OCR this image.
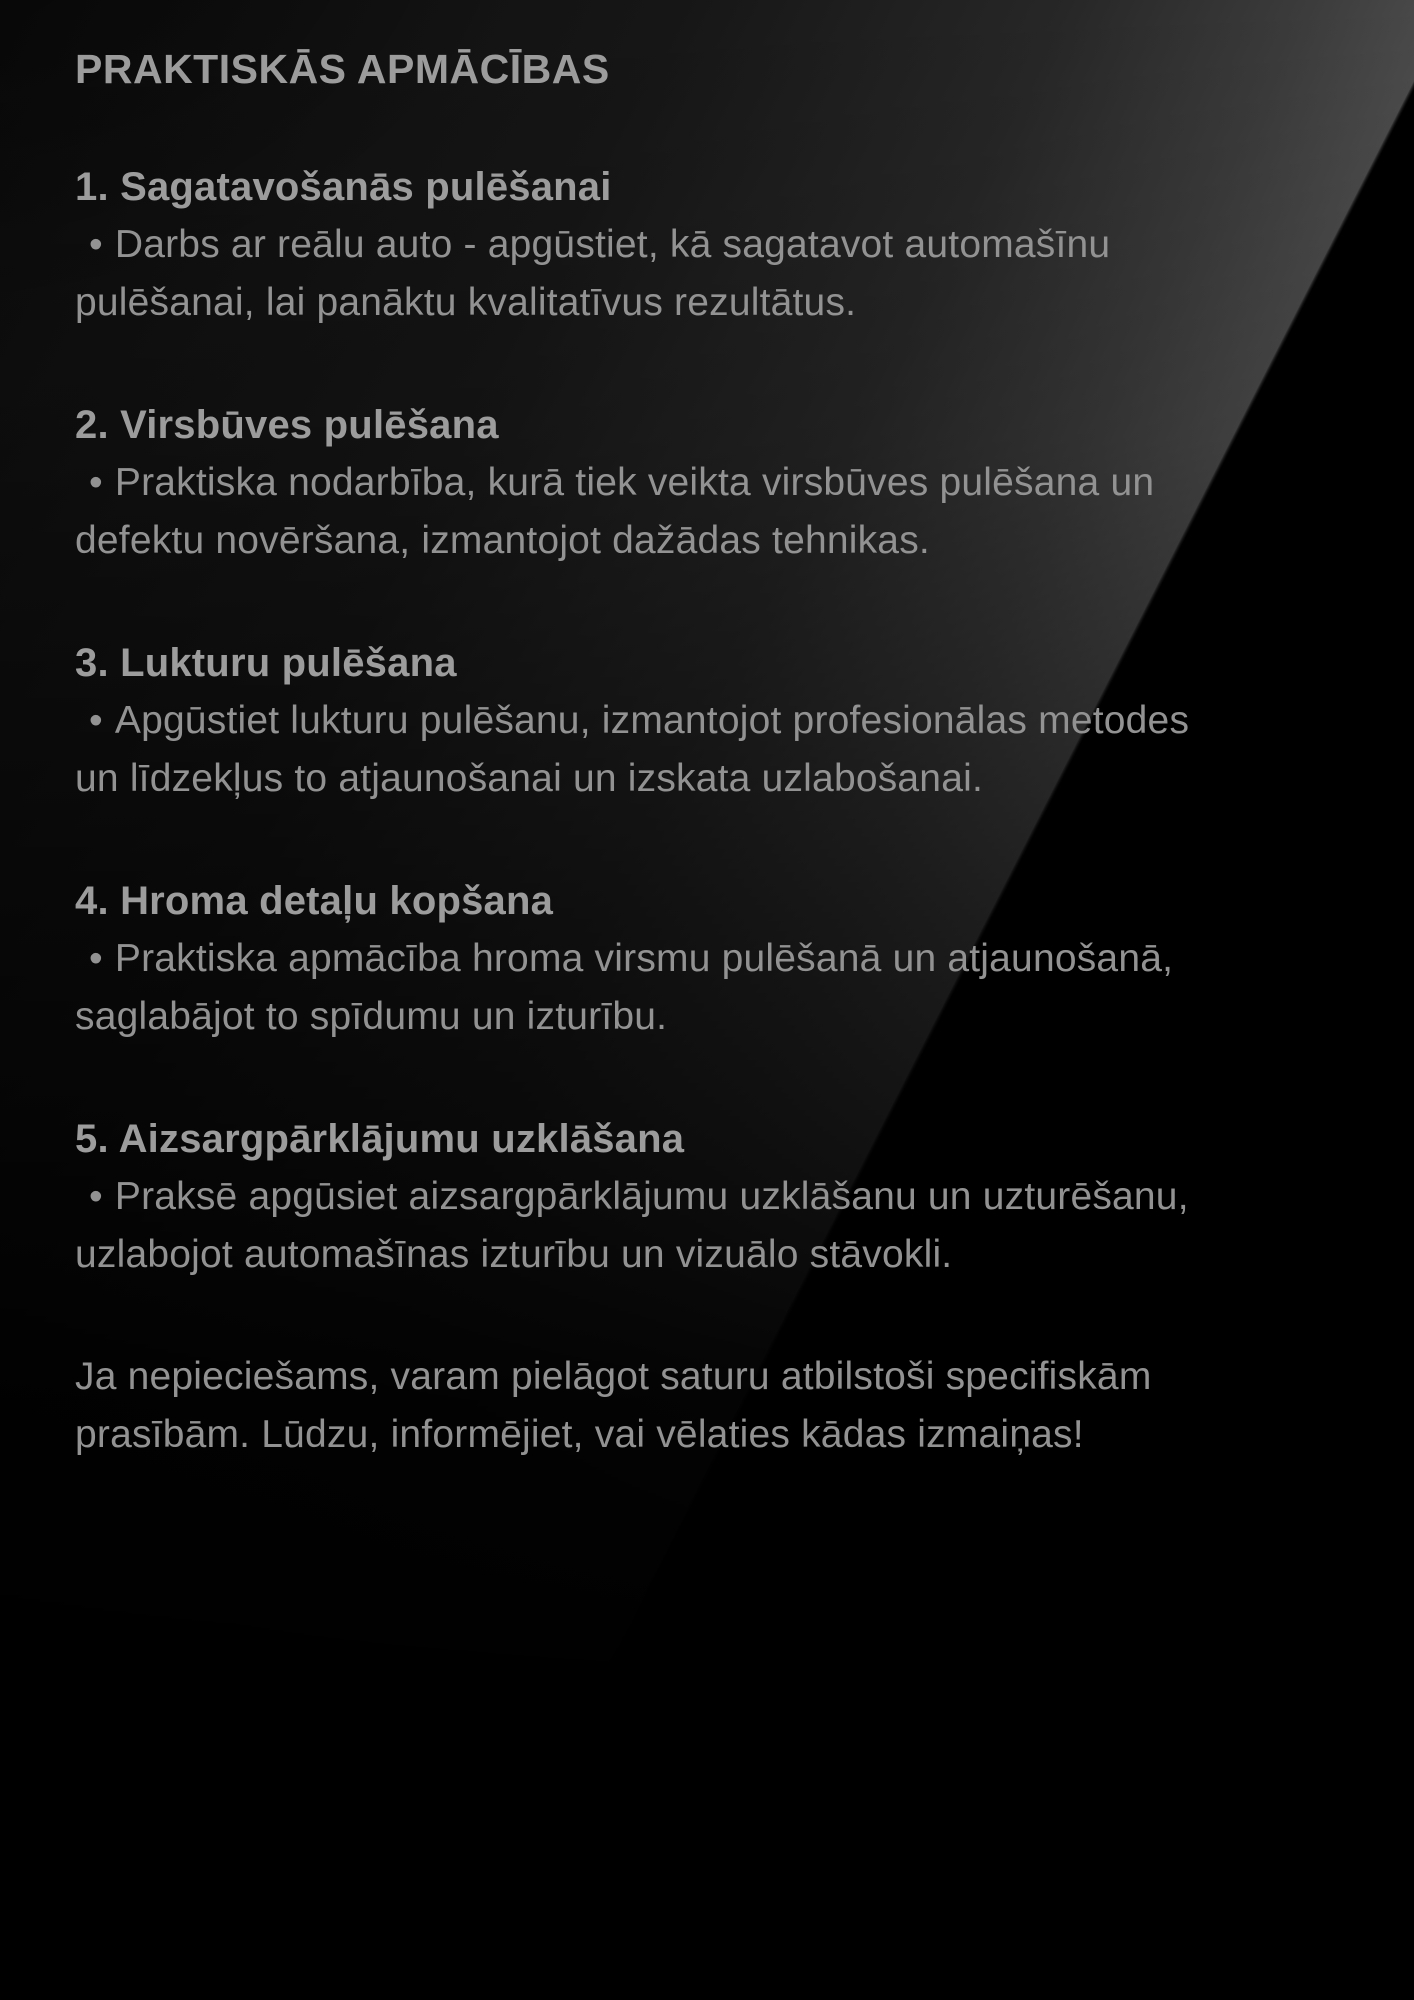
PRAKTISKĀS APMĀCĪBAS
1. Sagatavošanās pulēšanai
• Darbs ar reālu auto - apgūstiet, kā sagatavot automašīnu
pulēšanai, lai panāktu kvalitatīvus rezultātus.
2. Virsbūves pulēšana
• Praktiska nodarbība, kurā tiek veikta virsbūves pulēšana un
defektu novēršana, izmantojot dažādas tehnikas.
3. Lukturu pulēšana
• Apgūstiet lukturu pulēšanu, izmantojot profesionālas metodes
un līdzekļus to atjaunošanai un izskata uzlabošanai.
4. Hroma detaļu kopšana
• Praktiska apmācība hroma virsmu pulēšanā un atjaunošanā,
saglabājot to spīdumu un izturību.
5. Aizsargpārklājumu uzklāšana
• Praksē apgūsiet aizsargpārklājumu uzklāšanu un uzturēšanu,
uzlabojot automašīnas izturību un vizuālo stāvokli.
Ja nepieciešams, varam pielāgot saturu atbilstoši specifiskām
prasībām. Lūdzu, informējiet, vai vēlaties kādas izmaiņas!
